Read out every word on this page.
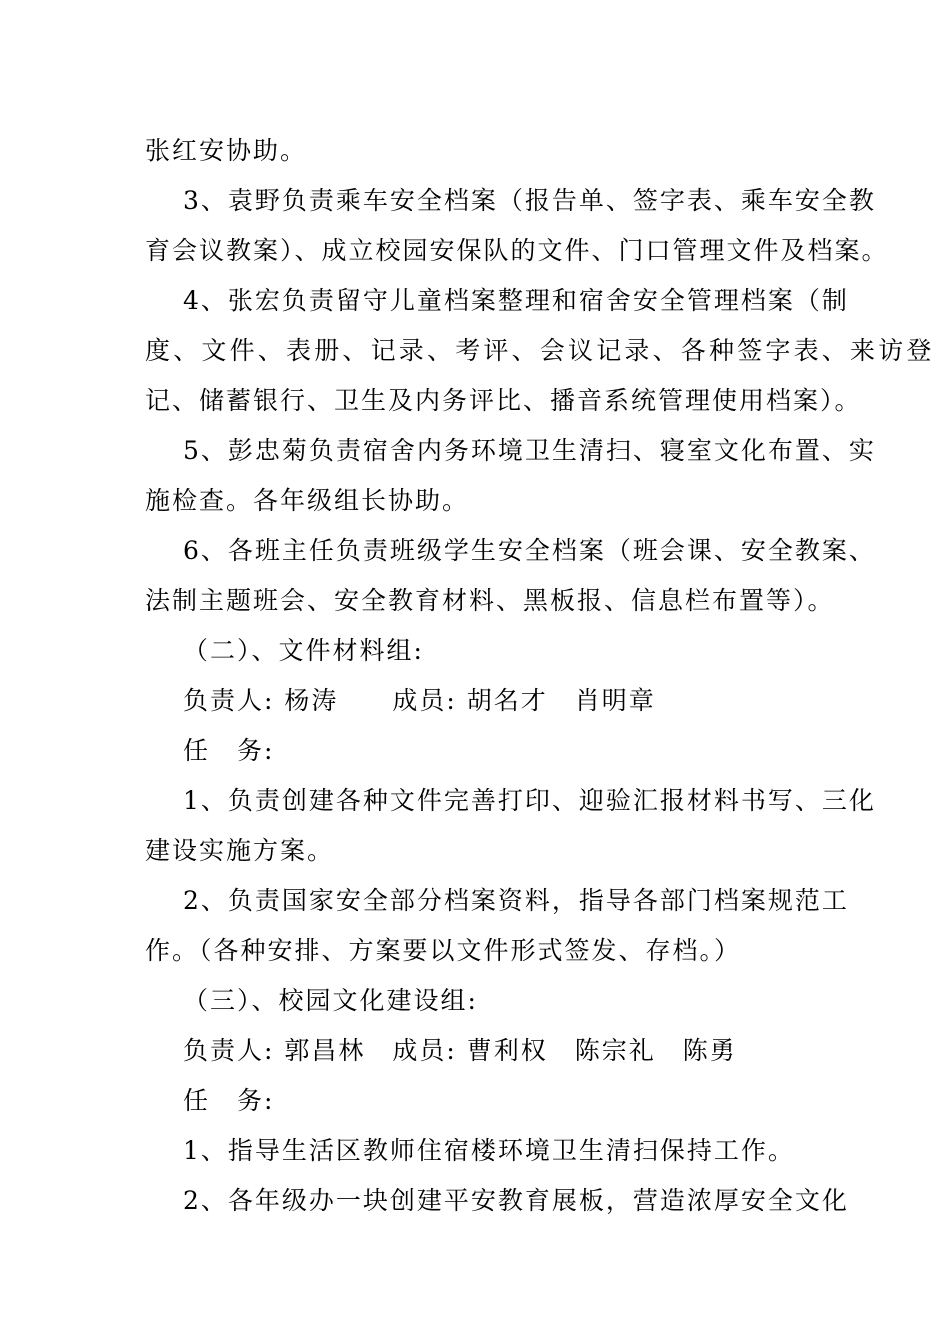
张红安协助。
3、袁野负责乘车安全档案（报告单、签字表、乘车安全教
育会议教案）、成立校园安保队的文件、门口管理文件及档案。
4、张宏负责留守儿童档案整理和宿舍安全管理档案（制
度、文件、表册、记录、考评、会议记录、各种签字表、来访登
记、储蓄银行、卫生及内务评比、播音系统管理使用档案）。
5、彭忠菊负责宿舍内务环境卫生清扫、寝室文化布置、实
施检查。各年级组长协助。
6、各班主任负责班级学生安全档案（班会课、安全教案、
法制主题班会、安全教育材料、黑板报、信息栏布置等）。
（二）、文件材料组:
负责人: 杨涛　　成员: 胡名才　肖明章
任　务:
1、负责创建各种文件完善打印、迎验汇报材料书写、三化
建设实施方案。
2、负责国家安全部分档案资料，指导各部门档案规范工
作。（各种安排、方案要以文件形式签发、存档。）
（三）、校园文化建设组:
负责人: 郭昌林　成员: 曹利权　陈宗礼　陈勇
任　务:
1、指导生活区教师住宿楼环境卫生清扫保持工作。
2、各年级办一块创建平安教育展板，营造浓厚安全文化
